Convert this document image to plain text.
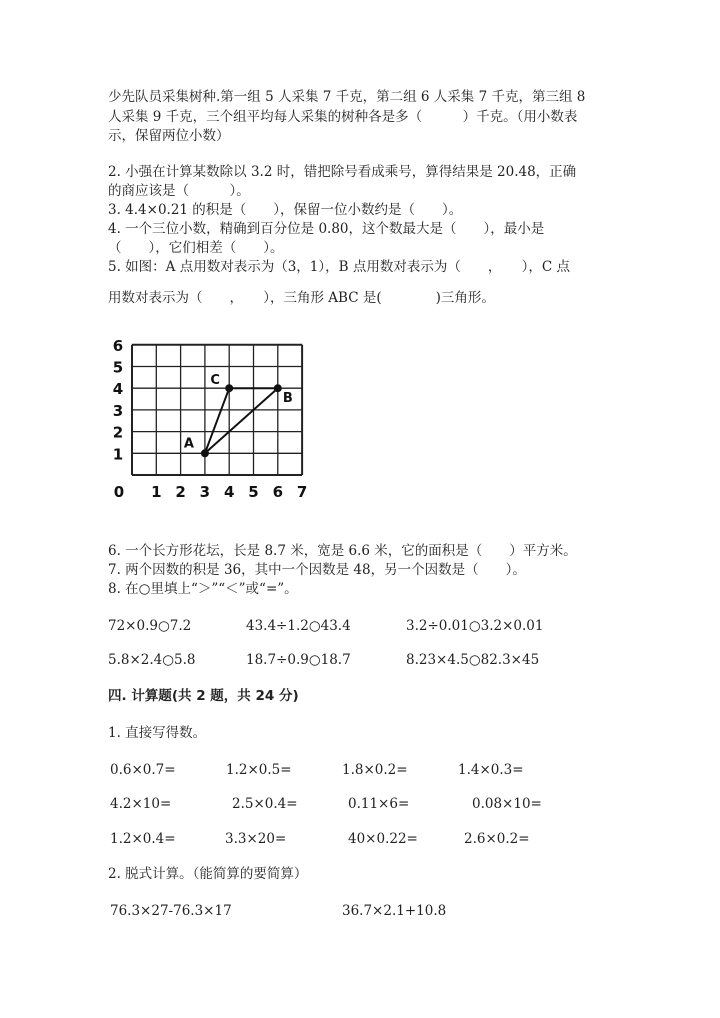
少先队员采集树种.第一组 5 人采集 7 千克，第二组 6 人采集 7 千克，第三组 8
人采集 9 千克，三个组平均每人采集的树种各是多（　　　）千克。（用小数表
示，保留两位小数）
2. 小强在计算某数除以 3.2 时，错把除号看成乘号，算得结果是 20.48，正确
的商应该是（　　　）。
3. 4.4×0.21 的积是（　　），保留一位小数约是（　　）。
4. 一个三位小数，精确到百分位是 0.80，这个数最大是（　　），最小是
（　　），它们相差（　　）。
5. 如图：A 点用数对表示为（3，1），B 点用数对表示为（　　，　　），C 点
用数对表示为（　　，　　），三角形 ABC 是(　　　　)三角形。
0 1 2 3 4 5 6 7
1
2
3
4
5
6
A
B
C
6. 一个长方形花坛，长是 8.7 米，宽是 6.6 米，它的面积是（　　）平方米。
7. 两个因数的积是 36，其中一个因数是 48，另一个因数是（　　）。
8. 在○里填上“＞”“＜”或“=”。
72×0.9○7.2	43.4÷1.2○43.4	3.2÷0.01○3.2×0.01
5.8×2.4○5.8	18.7÷0.9○18.7	8.23×4.5○82.3×45
四. 计算题(共 2 题，共 24 分)
1. 直接写得数。
0.6×0.7=	1.2×0.5=	1.8×0.2=	1.4×0.3=
4.2×10=	2.5×0.4=	0.11×6=	0.08×10=
1.2×0.4=	3.3×20=	40×0.22=	2.6×0.2=
2. 脱式计算。（能简算的要简算）
76.3×27-76.3×17	36.7×2.1+10.8
